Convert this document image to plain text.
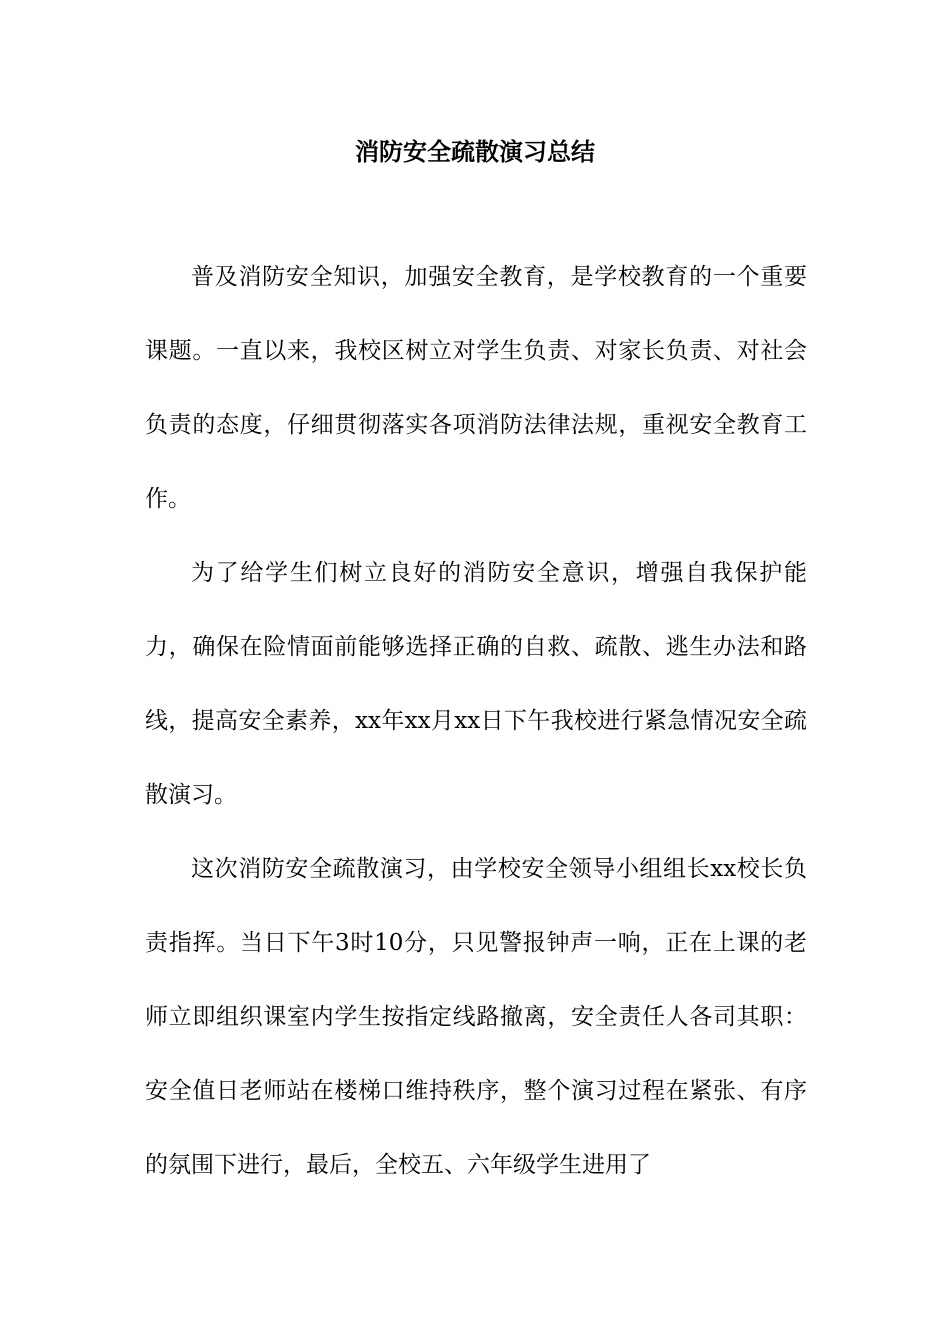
消防安全疏散演习总结

普及消防安全知识，加强安全教育，是学校教育的一个重要课题。一直以来，我校区树立对学生负责、对家长负责、对社会负责的态度，仔细贯彻落实各项消防法律法规，重视安全教育工作。

为了给学生们树立良好的消防安全意识，增强自我保护能力，确保在险情面前能够选择正确的自救、疏散、逃生办法和路线，提高安全素养，xx年xx月xx日下午我校进行紧急情况安全疏散演习。

这次消防安全疏散演习，由学校安全领导小组组长xx校长负责指挥。当日下午3时10分，只见警报钟声一响，正在上课的老师立即组织课室内学生按指定线路撤离，安全责任人各司其职：安全值日老师站在楼梯口维持秩序，整个演习过程在紧张、有序的氛围下进行，最后，全校五、六年级学生进用了
